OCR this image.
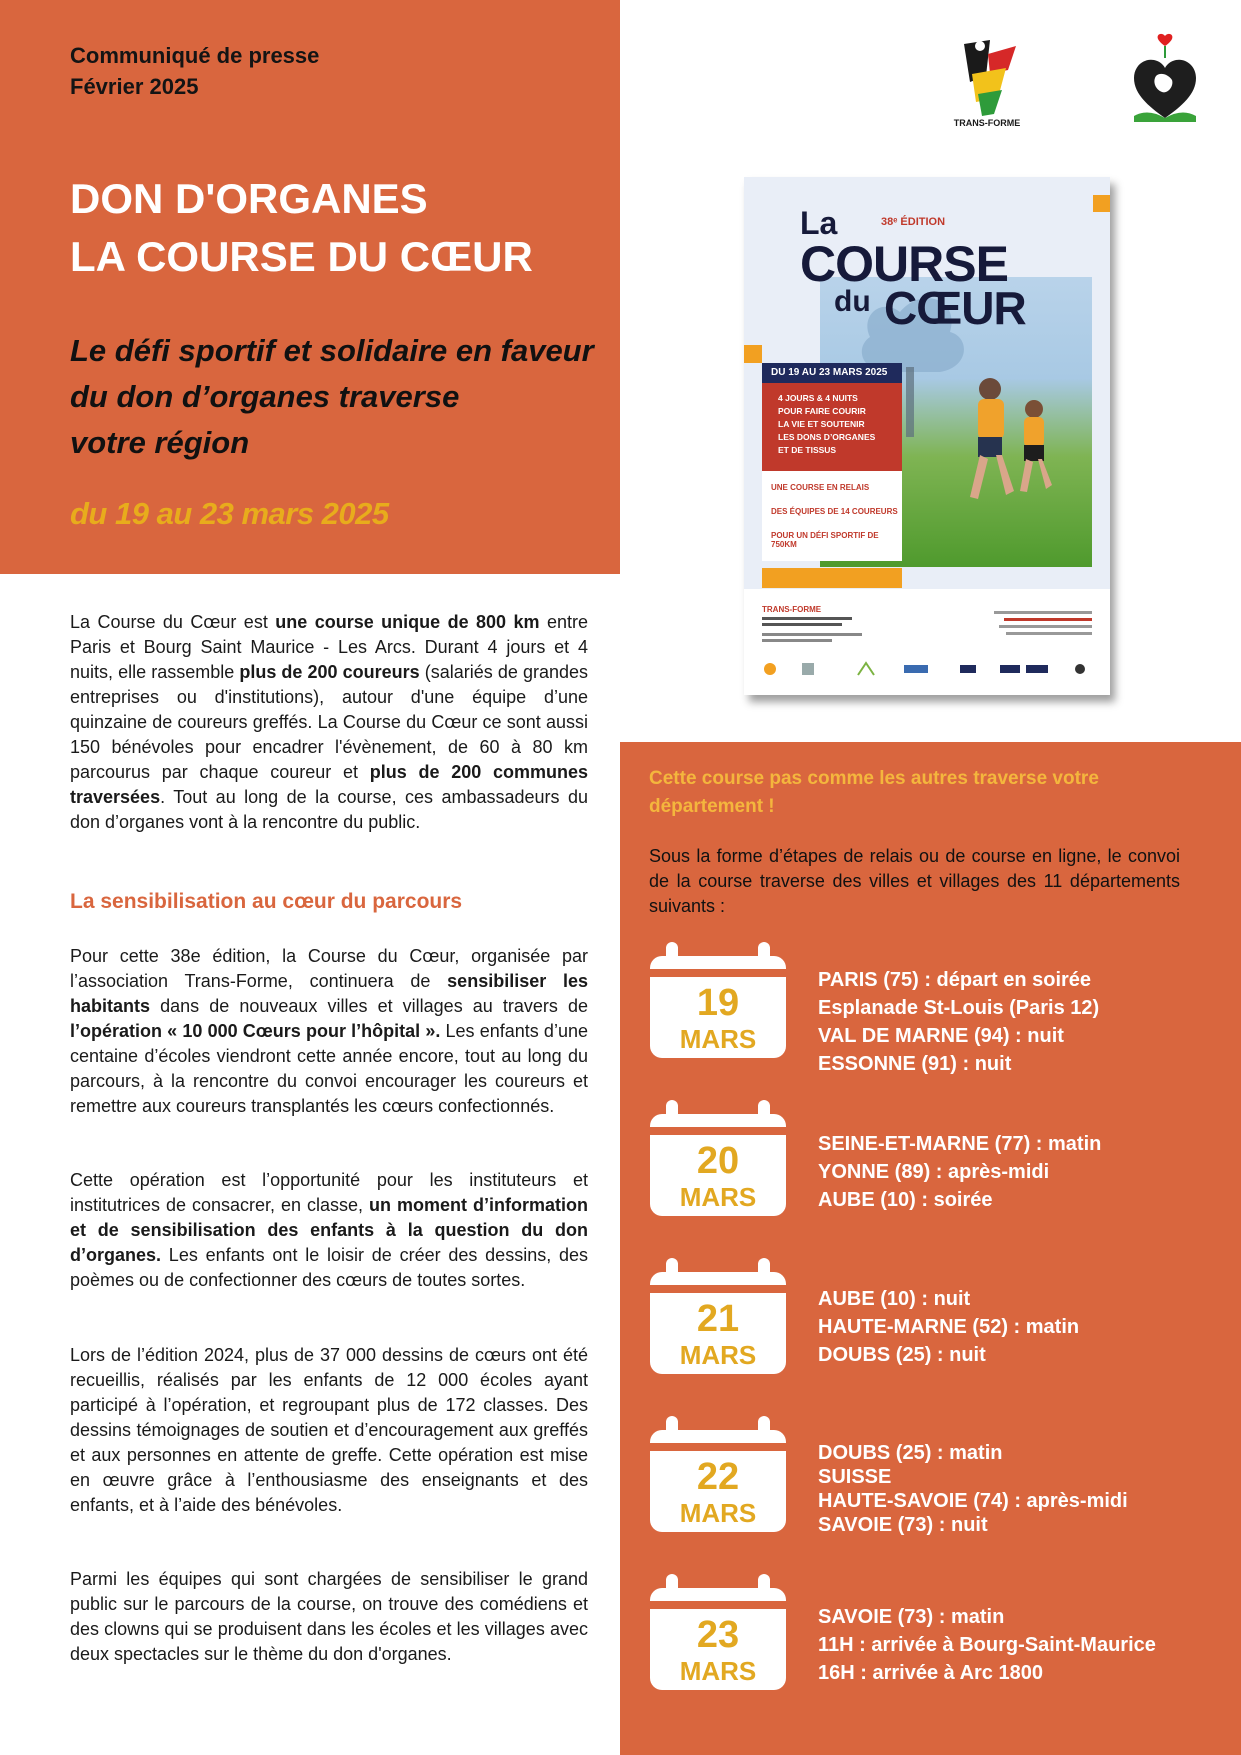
Communiqué de presse
Février 2025
DON D'ORGANES
LA COURSE DU CŒUR
Le défi sportif et solidaire en faveur
du don d’organes traverse
votre région
du 19 au 23 mars 2025
TRANS-FORME
La	38ᵉ ÉDITION
COURSE
du CŒUR
DU 19 AU 23 MARS 2025
4 JOURS & 4 NUITS
POUR FAIRE COURIR
LA VIE ET SOUTENIR
LES DONS D’ORGANES
ET DE TISSUS
UNE COURSE EN RELAIS
DES ÉQUIPES DE 14 COUREURS
POUR UN DÉFI SPORTIF DE 750KM
TRANS-FORME
La Course du Cœur est une course unique de 800 km entre Paris et Bourg Saint Maurice - Les Arcs. Durant 4 jours et 4 nuits, elle rassemble plus de 200 coureurs (salariés de grandes entreprises ou d'institutions), autour d'une équipe d’une quinzaine de coureurs greffés. La Course du Cœur ce sont aussi 150 bénévoles pour encadrer l'évènement, de 60 à 80 km parcourus par chaque coureur et plus de 200 communes traversées. Tout au long de la course, ces ambassadeurs du don d’organes vont à la rencontre du public.
La sensibilisation au cœur du parcours
Pour cette 38e édition, la Course du Cœur, organisée par l’association Trans-Forme, continuera de sensibiliser les habitants dans de nouveaux villes et villages au travers de l’opération « 10 000 Cœurs pour l’hôpital ». Les enfants d’une centaine d’écoles viendront cette année encore, tout au long du parcours, à la rencontre du convoi encourager les coureurs et remettre aux coureurs transplantés les cœurs confectionnés.
Cette opération est l’opportunité pour les instituteurs et institutrices de consacrer, en classe, un moment d’information et de sensibilisation des enfants à la question du don d’organes. Les enfants ont le loisir de créer des dessins, des poèmes ou de confectionner des cœurs de toutes sortes.
Lors de l’édition 2024, plus de 37 000 dessins de cœurs ont été recueillis, réalisés par les enfants de 12 000 écoles ayant participé à l’opération, et regroupant plus de 172 classes. Des dessins témoignages de soutien et d’encouragement aux greffés et aux personnes en attente de greffe. Cette opération est mise en œuvre grâce à l’enthousiasme des enseignants et des enfants, et à l’aide des bénévoles.
Parmi les équipes qui sont chargées de sensibiliser le grand public sur le parcours de la course, on trouve des comédiens et des clowns qui se produisent dans les écoles et les villages avec deux spectacles sur le thème du don d'organes.
Cette course pas comme les autres traverse votre département !
Sous la forme d’étapes de relais ou de course en ligne, le convoi de la course traverse des villes et villages des 11 départements suivants :
19
MARS
PARIS (75) : départ en soirée
Esplanade St-Louis (Paris 12)
VAL DE MARNE (94) : nuit
ESSONNE (91) : nuit
20
MARS
SEINE-ET-MARNE (77) : matin
YONNE (89) : après-midi
AUBE (10) : soirée
21
MARS
AUBE (10) : nuit
HAUTE-MARNE (52) : matin
DOUBS (25) : nuit
22
MARS
DOUBS (25) : matin
SUISSE
HAUTE-SAVOIE (74) : après-midi
SAVOIE (73) : nuit
23
MARS
SAVOIE (73) : matin
11H : arrivée à Bourg-Saint-Maurice
16H : arrivée à Arc 1800
